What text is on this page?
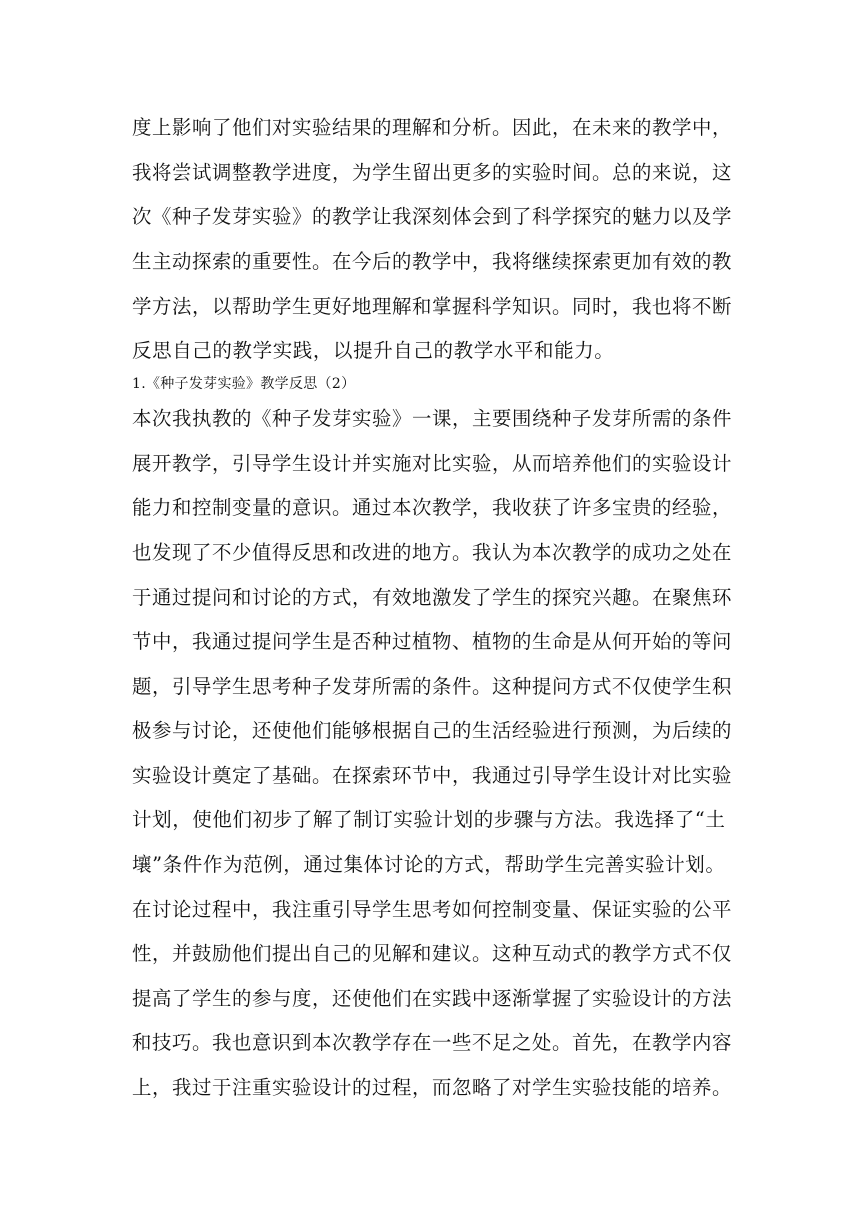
度上影响了他们对实验结果的理解和分析。因此，在未来的教学中，

我将尝试调整教学进度，为学生留出更多的实验时间。总的来说，这

次《种子发芽实验》的教学让我深刻体会到了科学探究的魅力以及学

生主动探索的重要性。在今后的教学中，我将继续探索更加有效的教

学方法，以帮助学生更好地理解和掌握科学知识。同时，我也将不断

反思自己的教学实践，以提升自己的教学水平和能力。

1.《种子发芽实验》教学反思（2）

本次我执教的《种子发芽实验》一课，主要围绕种子发芽所需的条件

展开教学，引导学生设计并实施对比实验，从而培养他们的实验设计

能力和控制变量的意识。通过本次教学，我收获了许多宝贵的经验，

也发现了不少值得反思和改进的地方。我认为本次教学的成功之处在

于通过提问和讨论的方式，有效地激发了学生的探究兴趣。在聚焦环

节中，我通过提问学生是否种过植物、植物的生命是从何开始的等问

题，引导学生思考种子发芽所需的条件。这种提问方式不仅使学生积

极参与讨论，还使他们能够根据自己的生活经验进行预测，为后续的

实验设计奠定了基础。在探索环节中，我通过引导学生设计对比实验

计划，使他们初步了解了制订实验计划的步骤与方法。我选择了“土

壤”条件作为范例，通过集体讨论的方式，帮助学生完善实验计划。

在讨论过程中，我注重引导学生思考如何控制变量、保证实验的公平

性，并鼓励他们提出自己的见解和建议。这种互动式的教学方式不仅

提高了学生的参与度，还使他们在实践中逐渐掌握了实验设计的方法

和技巧。我也意识到本次教学存在一些不足之处。首先，在教学内容

上，我过于注重实验设计的过程，而忽略了对学生实验技能的培养。
